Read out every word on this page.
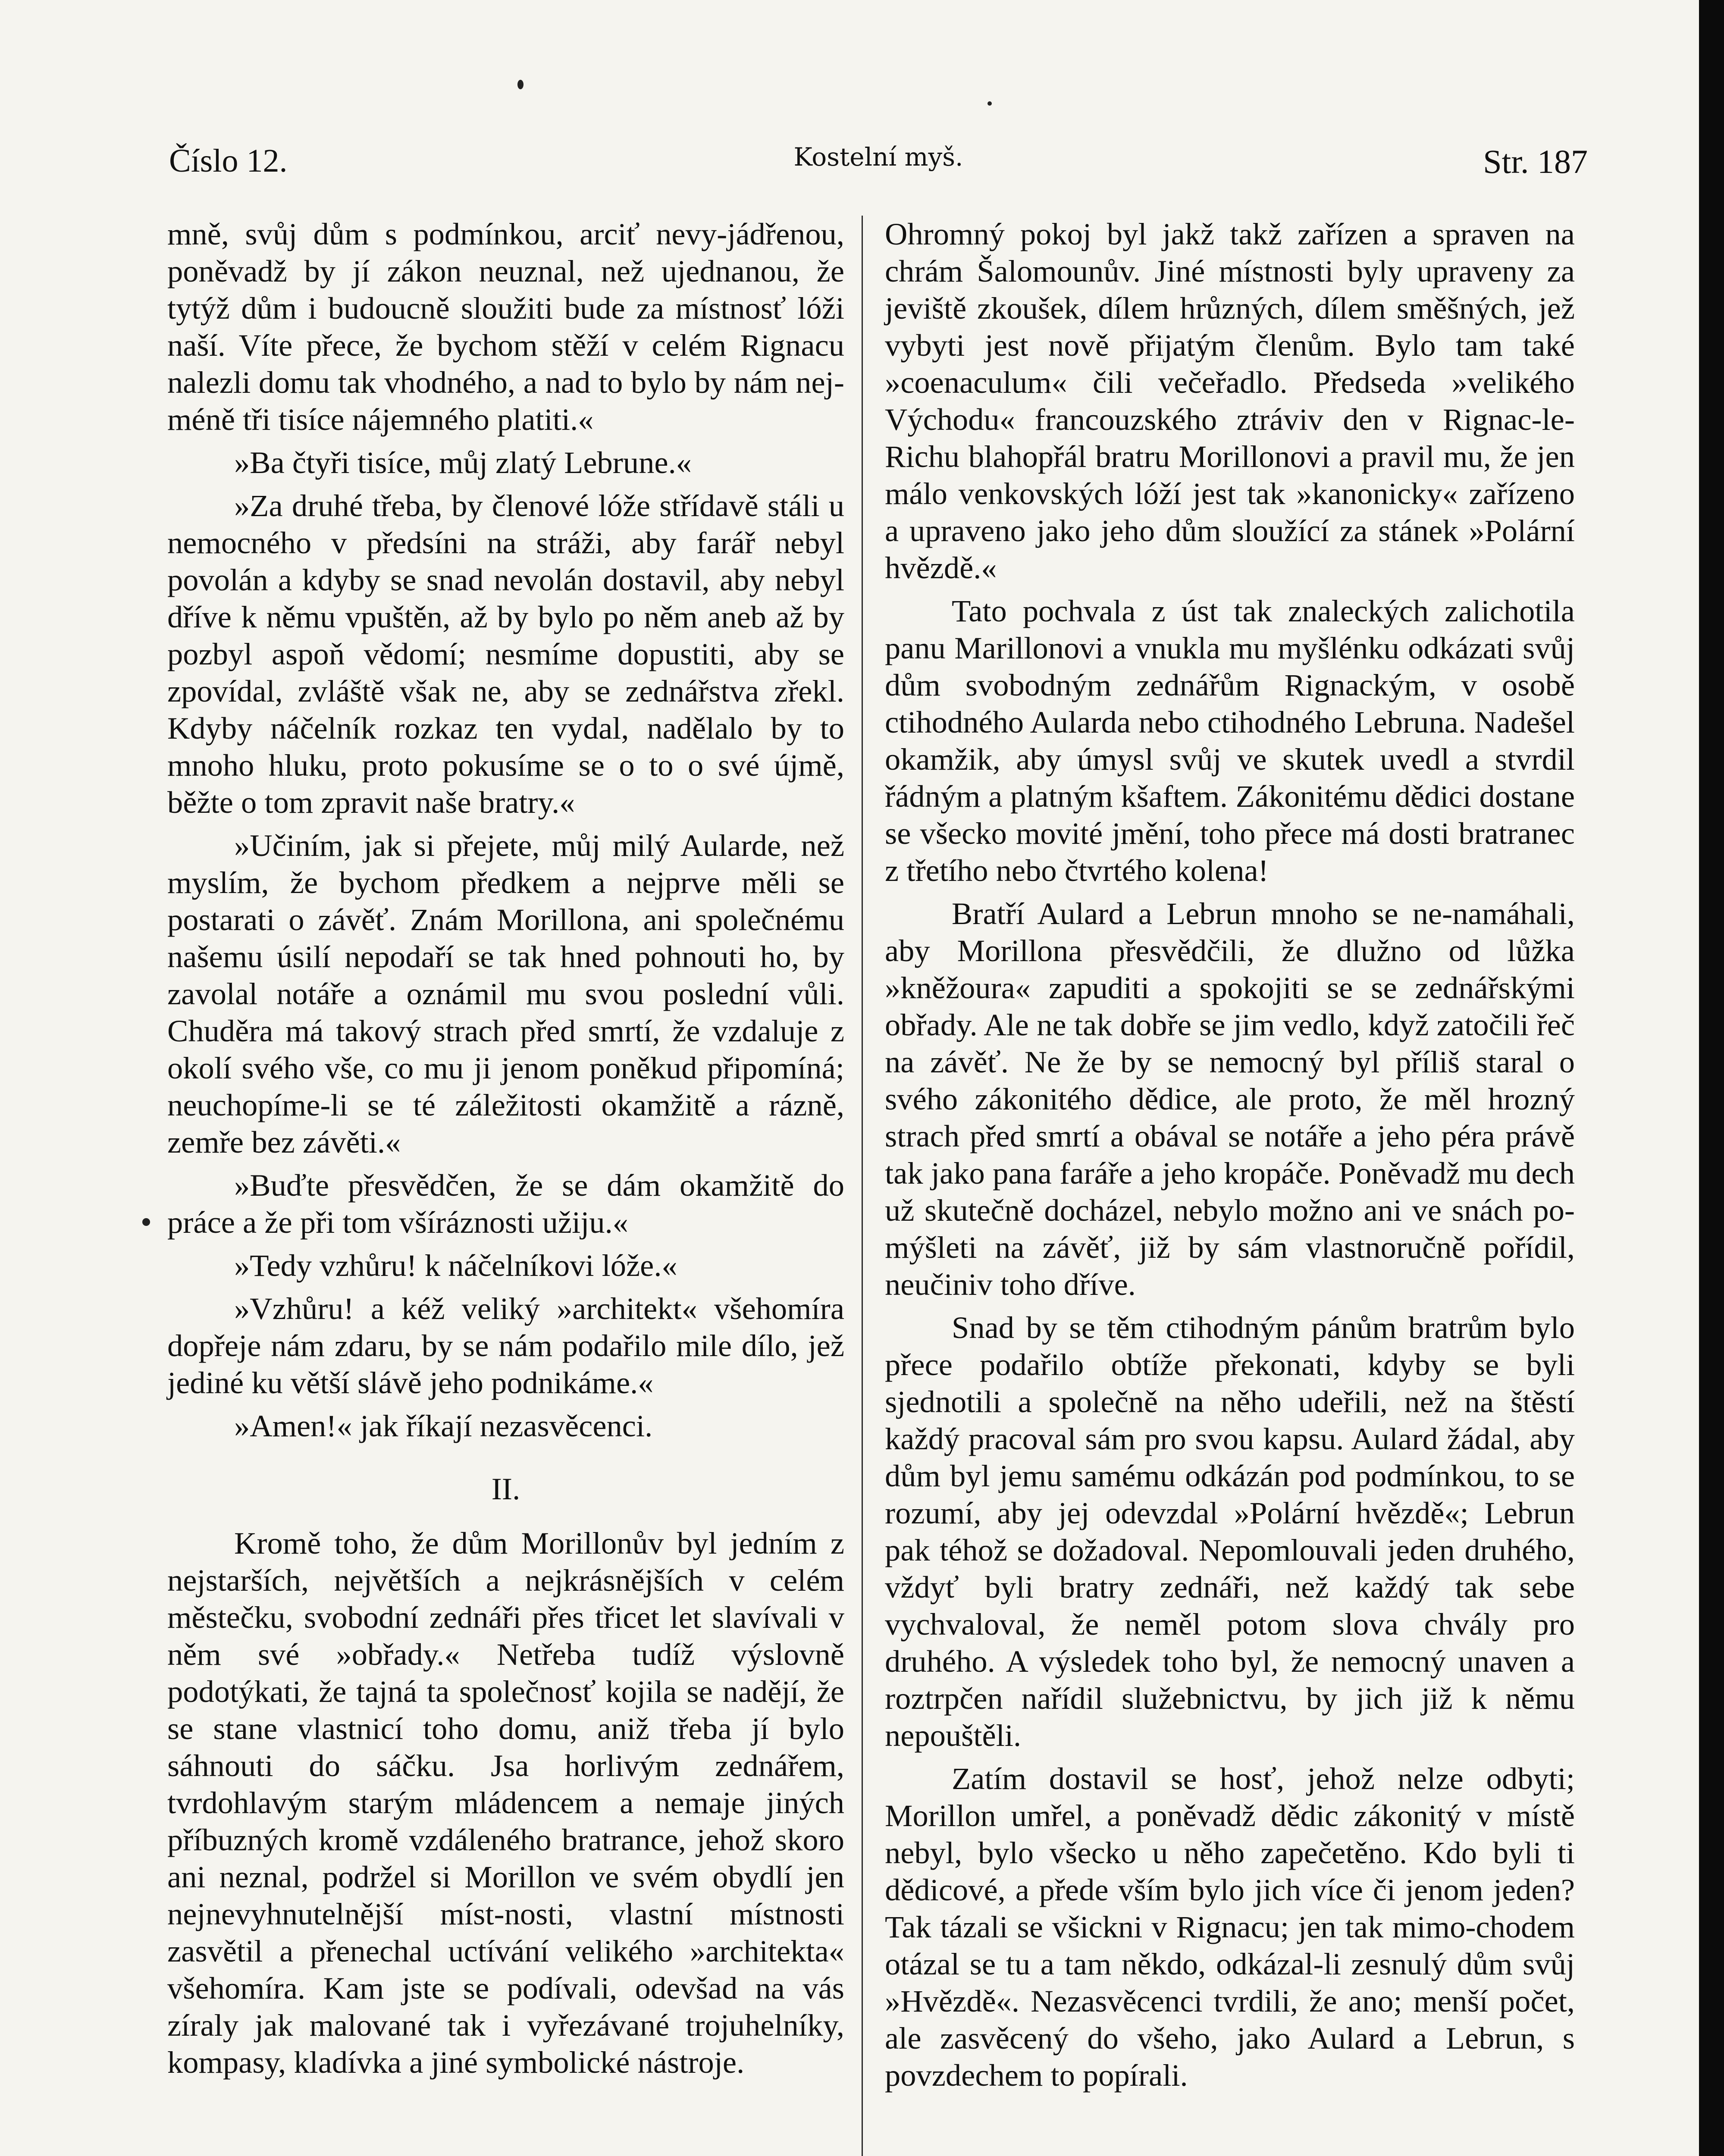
Číslo 12.	Kostelní myš.	Str. 187

mně, svůj dům s podmínkou, arciť nevy-jádřenou, poněvadž by jí zákon neuznal, než ujednanou, že tytýž dům i budoucně sloužiti bude za místnosť lóži naší. Víte přece, že bychom stěží v celém Rignacu nalezli domu tak vhodného, a nad to bylo by nám nej-méně tři tisíce nájemného platiti.«

»Ba čtyři tisíce, můj zlatý Lebrune.«

»Za druhé třeba, by členové lóže střídavě stáli u nemocného v předsíni na stráži, aby farář nebyl povolán a kdyby se snad nevolán dostavil, aby nebyl dříve k němu vpuštěn, až by bylo po něm aneb až by pozbyl aspoň vědomí; nesmíme dopustiti, aby se zpovídal, zvláště však ne, aby se zednářstva zřekl. Kdyby náčelník rozkaz ten vydal, nadělalo by to mnoho hluku, proto pokusíme se o to o své újmě, běžte o tom zpravit naše bratry.«

»Učiním, jak si přejete, můj milý Aularde, než myslím, že bychom předkem a nejprve měli se postarati o závěť. Znám Morillona, ani společnému našemu úsilí nepodaří se tak hned pohnouti ho, by zavolal notáře a oznámil mu svou poslední vůli. Chuděra má takový strach před smrtí, že vzdaluje z okolí svého vše, co mu ji jenom poněkud připomíná; neuchopíme-li se té záležitosti okamžitě a rázně, zemře bez závěti.«

»Buďte přesvědčen, že se dám okamžitě do práce a že při tom všíráznosti užiju.«

»Tedy vzhůru! k náčelníkovi lóže.«

»Vzhůru! a kéž veliký »architekt« všehomíra dopřeje nám zdaru, by se nám podařilo mile dílo, jež jediné ku větší slávě jeho podnikáme.«

»Amen!« jak říkají nezasvěcenci.

II.

Kromě toho, že dům Morillonův byl jedním z nejstarších, největších a nejkrásnějších v celém městečku, svobodní zednáři přes třicet let slavívali v něm své »obřady.« Netřeba tudíž výslovně podotýkati, že tajná ta společnosť kojila se nadějí, že se stane vlastnicí toho domu, aniž třeba jí bylo sáhnouti do sáčku. Jsa horlivým zednářem, tvrdohlavým starým mládencem a nemaje jiných příbuzných kromě vzdáleného bratrance, jehož skoro ani neznal, podržel si Morillon ve svém obydlí jen nejnevyhnutelnější míst-nosti, vlastní místnosti zasvětil a přenechal uctívání velikého »architekta« všehomíra. Kam jste se podívali, odevšad na vás zíraly jak malované tak i vyřezávané trojuhelníky, kompasy, kladívka a jiné symbolické nástroje.

Ohromný pokoj byl jakž takž zařízen a spraven na chrám Šalomounův. Jiné místnosti byly upraveny za jeviště zkoušek, dílem hrůzných, dílem směšných, jež vybyti jest nově přijatým členům. Bylo tam také »coenaculum« čili večeřadlo. Předseda »velikého Východu« francouzského ztráviv den v Rignac-le-Richu blahopřál bratru Morillonovi a pravil mu, že jen málo venkovských lóží jest tak »kanonicky« zařízeno a upraveno jako jeho dům sloužící za stánek »Polární hvězdě.«

Tato pochvala z úst tak znaleckých zalichotila panu Marillonovi a vnukla mu myšlénku odkázati svůj dům svobodným zednářům Rignackým, v osobě ctihodného Aularda nebo ctihodného Lebruna. Nadešel okamžik, aby úmysl svůj ve skutek uvedl a stvrdil řádným a platným kšaftem. Zákonitému dědici dostane se všecko movité jmění, toho přece má dosti bratranec z třetího nebo čtvrtého kolena!

Bratří Aulard a Lebrun mnoho se ne-namáhali, aby Morillona přesvědčili, že dlužno od lůžka »kněžoura« zapuditi a spokojiti se se zednářskými obřady. Ale ne tak dobře se jim vedlo, když zatočili řeč na závěť. Ne že by se nemocný byl příliš staral o svého zákonitého dědice, ale proto, že měl hrozný strach před smrtí a obával se notáře a jeho péra právě tak jako pana faráře a jeho kropáče. Poněvadž mu dech už skutečně docházel, nebylo možno ani ve snách po-mýšleti na závěť, již by sám vlastnoručně pořídil, neučiniv toho dříve.

Snad by se těm ctihodným pánům bratrům bylo přece podařilo obtíže překonati, kdyby se byli sjednotili a společně na něho udeřili, než na štěstí každý pracoval sám pro svou kapsu. Aulard žádal, aby dům byl jemu samému odkázán pod podmínkou, to se rozumí, aby jej odevzdal »Polární hvězdě«; Lebrun pak téhož se dožadoval. Nepomlouvali jeden druhého, vždyť byli bratry zednáři, než každý tak sebe vychvaloval, že neměl potom slova chvály pro druhého. A výsledek toho byl, že nemocný unaven a roztrpčen nařídil služebnictvu, by jich již k němu nepouštěli.

Zatím dostavil se hosť, jehož nelze odbyti; Morillon umřel, a poněvadž dědic zákonitý v místě nebyl, bylo všecko u něho zapečetěno. Kdo byli ti dědicové, a přede vším bylo jich více či jenom jeden? Tak tázali se všickni v Rignacu; jen tak mimo-chodem otázal se tu a tam někdo, odkázal-li zesnulý dům svůj »Hvězdě«. Nezasvěcenci tvrdili, že ano; menší počet, ale zasvěcený do všeho, jako Aulard a Lebrun, s povzdechem to popírali.
